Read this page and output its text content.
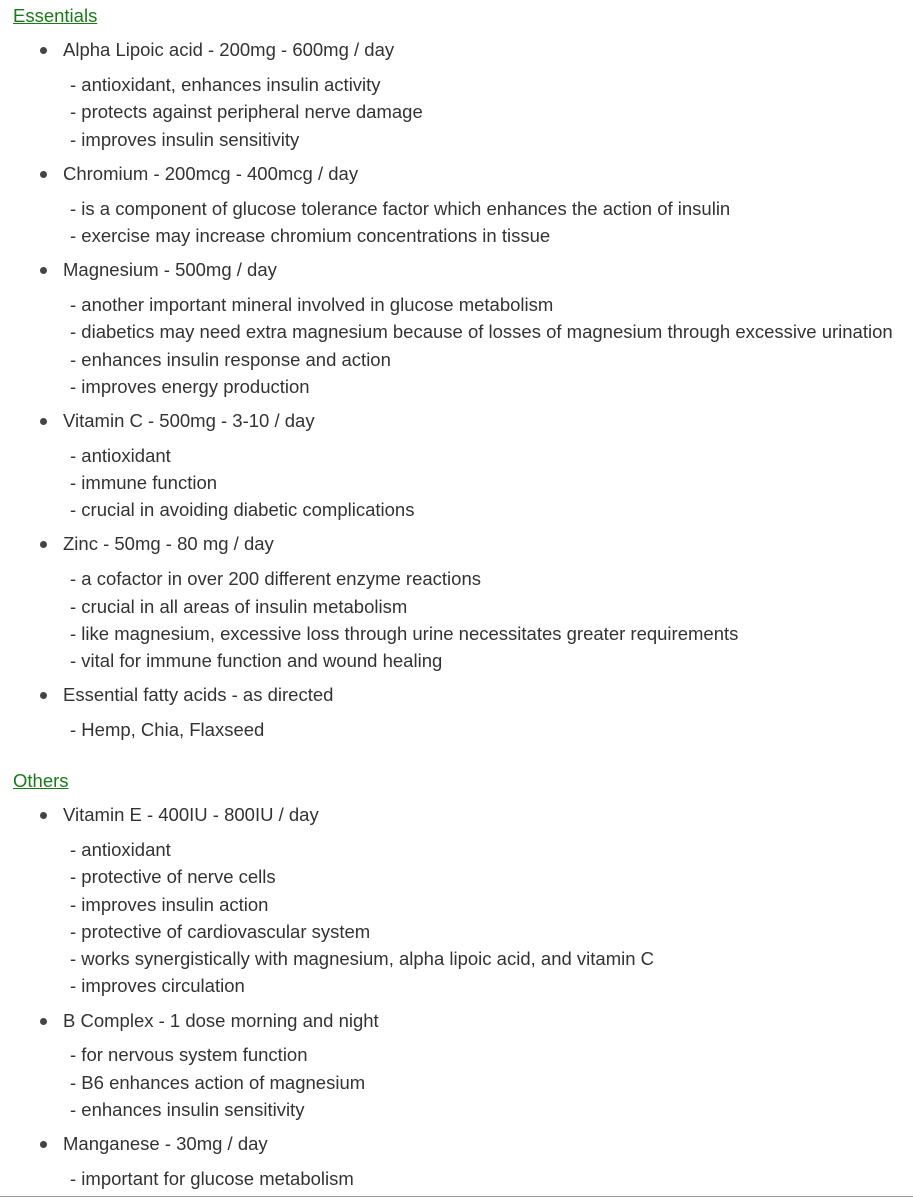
Essentials
Alpha Lipoic acid - 200mg - 600mg / day
- antioxidant, enhances insulin activity
- protects against peripheral nerve damage
- improves insulin sensitivity
Chromium - 200mcg - 400mcg / day
- is a component of glucose tolerance factor which enhances the action of insulin
- exercise may increase chromium concentrations in tissue
Magnesium - 500mg / day
- another important mineral involved in glucose metabolism
- diabetics may need extra magnesium because of losses of magnesium through excessive urination
- enhances insulin response and action
- improves energy production
Vitamin C - 500mg - 3-10 / day
- antioxidant
- immune function
- crucial in avoiding diabetic complications
Zinc - 50mg - 80 mg / day
- a cofactor in over 200 different enzyme reactions
- crucial in all areas of insulin metabolism
- like magnesium, excessive loss through urine necessitates greater requirements
- vital for immune function and wound healing
Essential fatty acids - as directed
- Hemp, Chia, Flaxseed
Others
Vitamin E - 400IU - 800IU / day
- antioxidant
- protective of nerve cells
- improves insulin action
- protective of cardiovascular system
- works synergistically with magnesium, alpha lipoic acid, and vitamin C
- improves circulation
B Complex - 1 dose morning and night
- for nervous system function
- B6 enhances action of magnesium
- enhances insulin sensitivity
Manganese - 30mg / day
- important for glucose metabolism
